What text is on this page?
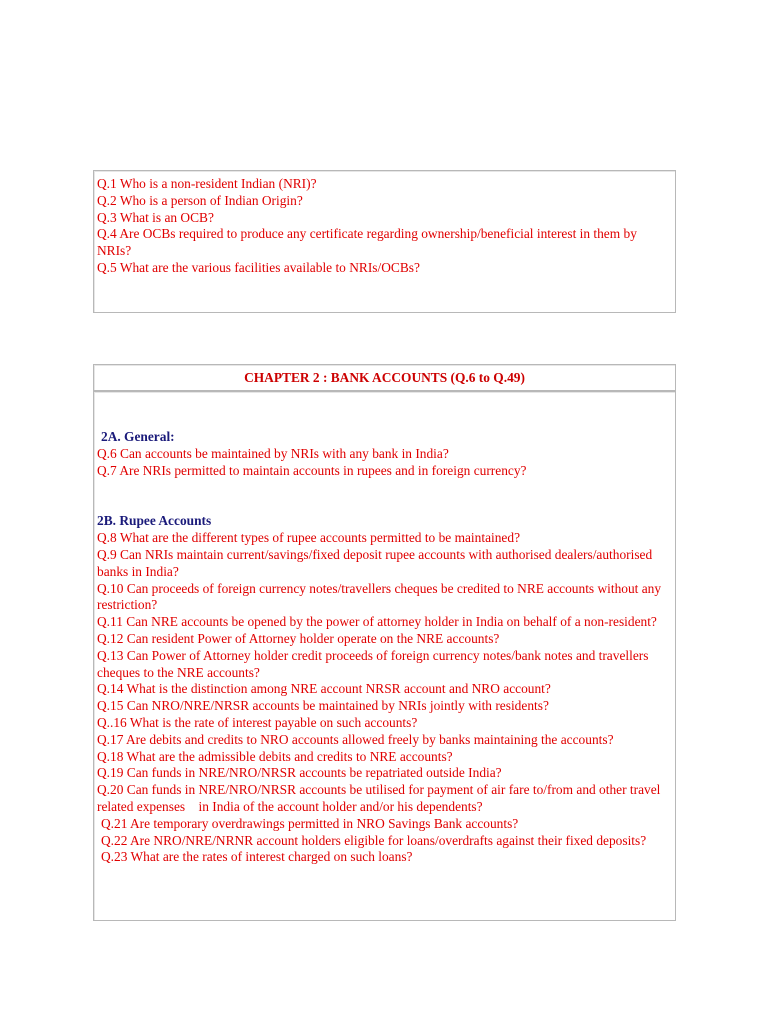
Q.1 Who is a non-resident Indian (NRI)?

Q.2 Who is a person of Indian Origin?

Q.3 What is an OCB?

Q.4 Are OCBs required to produce any certificate regarding ownership/beneficial interest in them by NRIs?

Q.5 What are the various facilities available to NRIs/OCBs?

CHAPTER 2 : BANK ACCOUNTS (Q.6 to Q.49)

2A. General:

Q.6 Can accounts be maintained by NRIs with any bank in India?

Q.7 Are NRIs permitted to maintain accounts in rupees and in foreign currency?

2B. Rupee Accounts

Q.8 What are the different types of rupee accounts permitted to be maintained?

Q.9 Can NRIs maintain current/savings/fixed deposit rupee accounts with authorised dealers/authorised banks in India?

Q.10 Can proceeds of foreign currency notes/travellers cheques be credited to NRE accounts without any restriction?

Q.11 Can NRE accounts be opened by the power of attorney holder in India on behalf of a non-resident?

Q.12 Can resident Power of Attorney holder operate on the NRE accounts?

Q.13 Can Power of Attorney holder credit proceeds of foreign currency notes/bank notes and travellers cheques to the NRE accounts?

Q.14 What is the distinction among NRE account NRSR account and NRO account?

Q.15 Can NRO/NRE/NRSR accounts be maintained by NRIs jointly with residents?

Q..16 What is the rate of interest payable on such accounts?

Q.17 Are debits and credits to NRO accounts allowed freely by banks maintaining the accounts?

Q.18 What are the admissible debits and credits to NRE accounts?

Q.19 Can funds in NRE/NRO/NRSR accounts be repatriated outside India?

Q.20 Can funds in NRE/NRO/NRSR accounts be utilised for payment of air fare to/from and other travel related expenses    in India of the account holder and/or his dependents?

Q.21 Are temporary overdrawings permitted in NRO Savings Bank accounts?

Q.22 Are NRO/NRE/NRNR account holders eligible for loans/overdrafts against their fixed deposits?

Q.23 What are the rates of interest charged on such loans?
